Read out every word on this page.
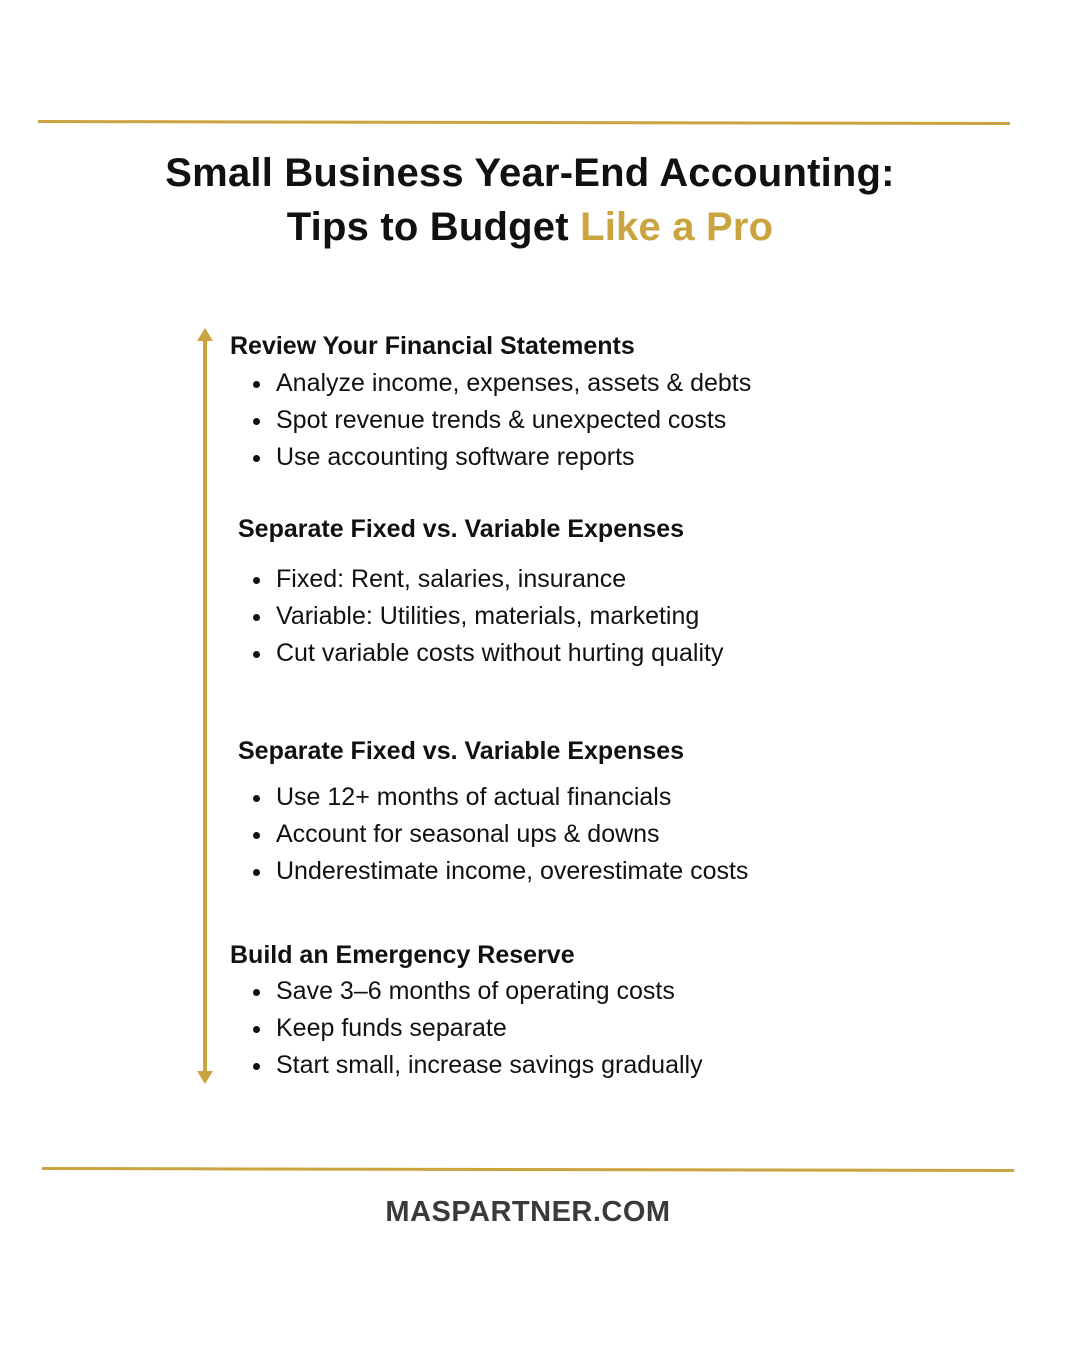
Small Business Year-End Accounting:
Tips to Budget Like a Pro
Review Your Financial Statements
Analyze income, expenses, assets & debts
Spot revenue trends & unexpected costs
Use accounting software reports
Separate Fixed vs. Variable Expenses
Fixed: Rent, salaries, insurance
Variable: Utilities, materials, marketing
Cut variable costs without hurting quality
Separate Fixed vs. Variable Expenses
Use 12+ months of actual financials
Account for seasonal ups & downs
Underestimate income, overestimate costs
Build an Emergency Reserve
Save 3–6 months of operating costs
Keep funds separate
Start small, increase savings gradually

MASPARTNER.COM
